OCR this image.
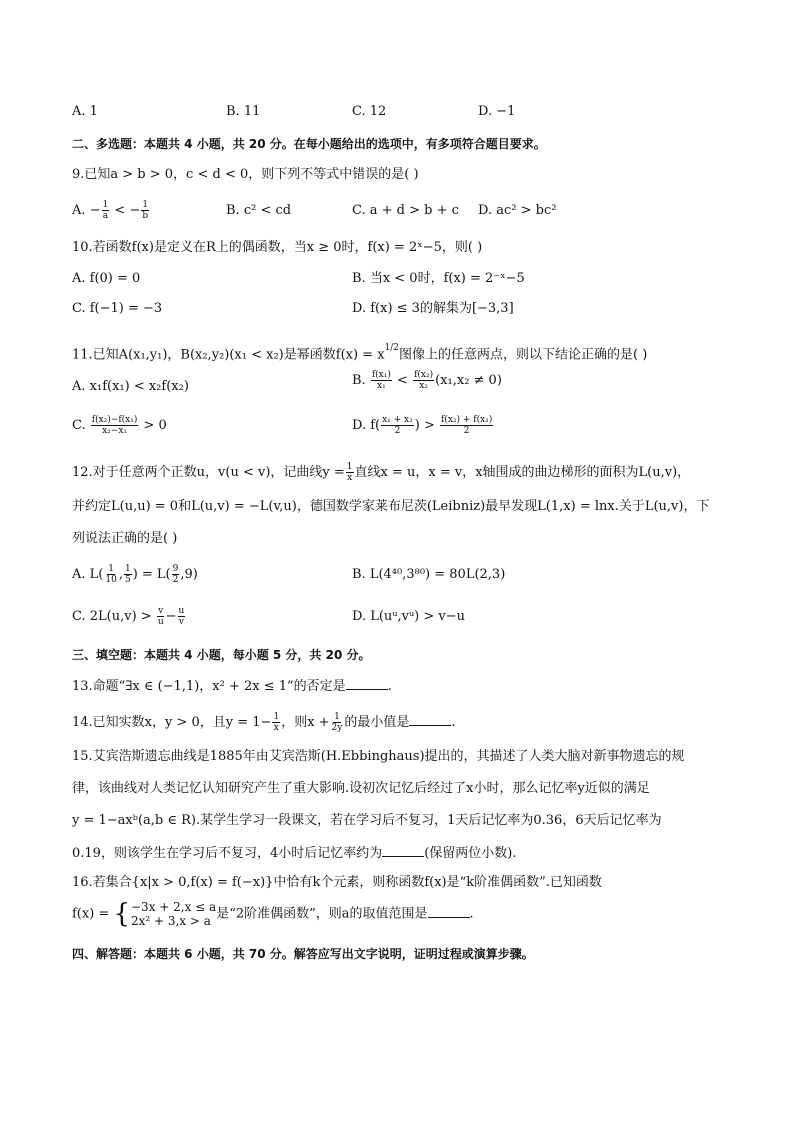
A. 1	B. 11	C. 12	D. −1
二、多选题：本题共 4 小题，共 20 分。在每小题给出的选项中，有多项符合题目要求。
9.已知a > b > 0，c < d < 0，则下列不等式中错误的是( )
A. − $\frac{1}{a}$ < − $\frac{1}{b}$	B. c² < cd	C. a + d > b + c D. ac² > bc²
10.若函数f(x)是定义在R上的偶函数，当x ≥ 0时，f(x) = 2ˣ−5，则( )
A. f(0) = 0	B. 当x < 0时，f(x) = 2⁻ˣ−5
C. f(−1) = −3	D. f(x) ≤ 3的解集为[−3,3]
11.已知A(x₁,y₁)，B(x₂,y₂)(x₁ < x₂)是幂函数$f(x) = x^{1/2}$图像上的任意两点，则以下结论正确的是( )
A. x₁f(x₁) < x₂f(x₂)	B. $\frac{\text{f(x₁)}}{\text{x₁}} < \frac{\text{f(x₂)}}{\text{x₂}} (x_1,x_2 \ne 0)$
C. $\frac{\text{f(x₂)−f(x₁)}}{\text{x₂−x₁}} > 0$	D. $f( \frac{\text{x₁ + x₂}}{2}$ ) > $\frac{\text{f(x₂) + f(x₁)}}{2}$
12.对于任意两个正数u，v(u < v)，记曲线$y = \frac{1}{x}$ 直线x = u，x = v，x轴围成的曲边梯形的面积为L(u,v)，
并约定L(u,u) = 0和L(u,v) = −L(v,u)，德国数学家莱布尼茨(Leibniz)最早发现L(1,x) = lnx.关于L(u,v)，下
列说法正确的是( )
A. $L( \frac{1}{10}$ , $\frac{1}{5}$ ) = $L( \frac{9}{2} ,9)$	B. L(4⁴⁰,3⁸⁰) = 80L(2,3)
C. $2L(u,v) > \frac{v}{u} - \frac{u}{v}$	D. L(uᵘ,vᵘ) > v−u
三、填空题：本题共 4 小题，每小题 5 分，共 20 分。
13.命题“∃x ∈ (−1,1)，x² + 2x ≤ 1”的否定是	.
14.已知实数x，y > 0，且$y = 1- \frac{1}{x}$ ，则$x + \frac{1}{2y}$ 的最小值是	.
15.艾宾浩斯遗忘曲线是1885年由艾宾浩斯(H.Ebbinghaus)提出的，其描述了人类大脑对新事物遗忘的规
律，该曲线对人类记忆认知研究产生了重大影响.设初次记忆后经过了x小时，那么记忆率y近似的满足
y = 1−axᵇ(a,b ∈ R).某学生学习一段课文，若在学习后不复习，1天后记忆率为0.36，6天后记忆率为
0.19，则该学生在学习后不复习，4小时后记忆率约为	(保留两位小数).
16.若集合{x|x > 0,f(x) = f(−x)}中恰有k个元素，则称函数f(x)是“k阶准偶函数”.已知函数
f(x) = { −3x + 2,x ≤ a
2x² + 3,x > a 是“2阶准偶函数”，则a的取值范围是	.
四、解答题：本题共 6 小题，共 70 分。解答应写出文字说明，证明过程或演算步骤。
